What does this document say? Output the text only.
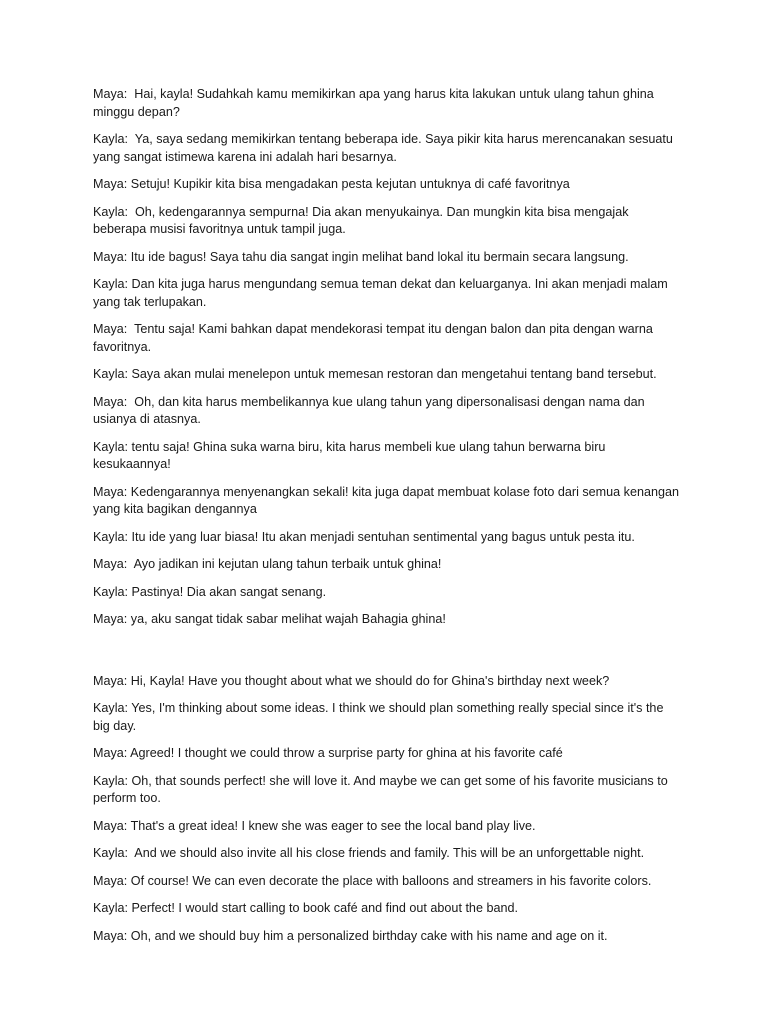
Maya:  Hai, kayla! Sudahkah kamu memikirkan apa yang harus kita lakukan untuk ulang tahun ghina minggu depan?

Kayla:  Ya, saya sedang memikirkan tentang beberapa ide. Saya pikir kita harus merencanakan sesuatu yang sangat istimewa karena ini adalah hari besarnya.

Maya: Setuju! Kupikir kita bisa mengadakan pesta kejutan untuknya di café favoritnya

Kayla:  Oh, kedengarannya sempurna! Dia akan menyukainya. Dan mungkin kita bisa mengajak beberapa musisi favoritnya untuk tampil juga.

Maya: Itu ide bagus! Saya tahu dia sangat ingin melihat band lokal itu bermain secara langsung.

Kayla: Dan kita juga harus mengundang semua teman dekat dan keluarganya. Ini akan menjadi malam yang tak terlupakan.

Maya:  Tentu saja! Kami bahkan dapat mendekorasi tempat itu dengan balon dan pita dengan warna favoritnya.

Kayla: Saya akan mulai menelepon untuk memesan restoran dan mengetahui tentang band tersebut.

Maya:  Oh, dan kita harus membelikannya kue ulang tahun yang dipersonalisasi dengan nama dan usianya di atasnya.

Kayla: tentu saja! Ghina suka warna biru, kita harus membeli kue ulang tahun berwarna biru kesukaannya!

Maya: Kedengarannya menyenangkan sekali! kita juga dapat membuat kolase foto dari semua kenangan yang kita bagikan dengannya

Kayla: Itu ide yang luar biasa! Itu akan menjadi sentuhan sentimental yang bagus untuk pesta itu.

Maya:  Ayo jadikan ini kejutan ulang tahun terbaik untuk ghina!

Kayla: Pastinya! Dia akan sangat senang.

Maya: ya, aku sangat tidak sabar melihat wajah Bahagia ghina!

Maya: Hi, Kayla! Have you thought about what we should do for Ghina's birthday next week?

Kayla: Yes, I'm thinking about some ideas. I think we should plan something really special since it's the big day.

Maya: Agreed! I thought we could throw a surprise party for ghina at his favorite café

Kayla: Oh, that sounds perfect! she will love it. And maybe we can get some of his favorite musicians to perform too.

Maya: That's a great idea! I knew she was eager to see the local band play live.

Kayla:  And we should also invite all his close friends and family. This will be an unforgettable night.

Maya: Of course! We can even decorate the place with balloons and streamers in his favorite colors.

Kayla: Perfect! I would start calling to book café and find out about the band.

Maya: Oh, and we should buy him a personalized birthday cake with his name and age on it.
